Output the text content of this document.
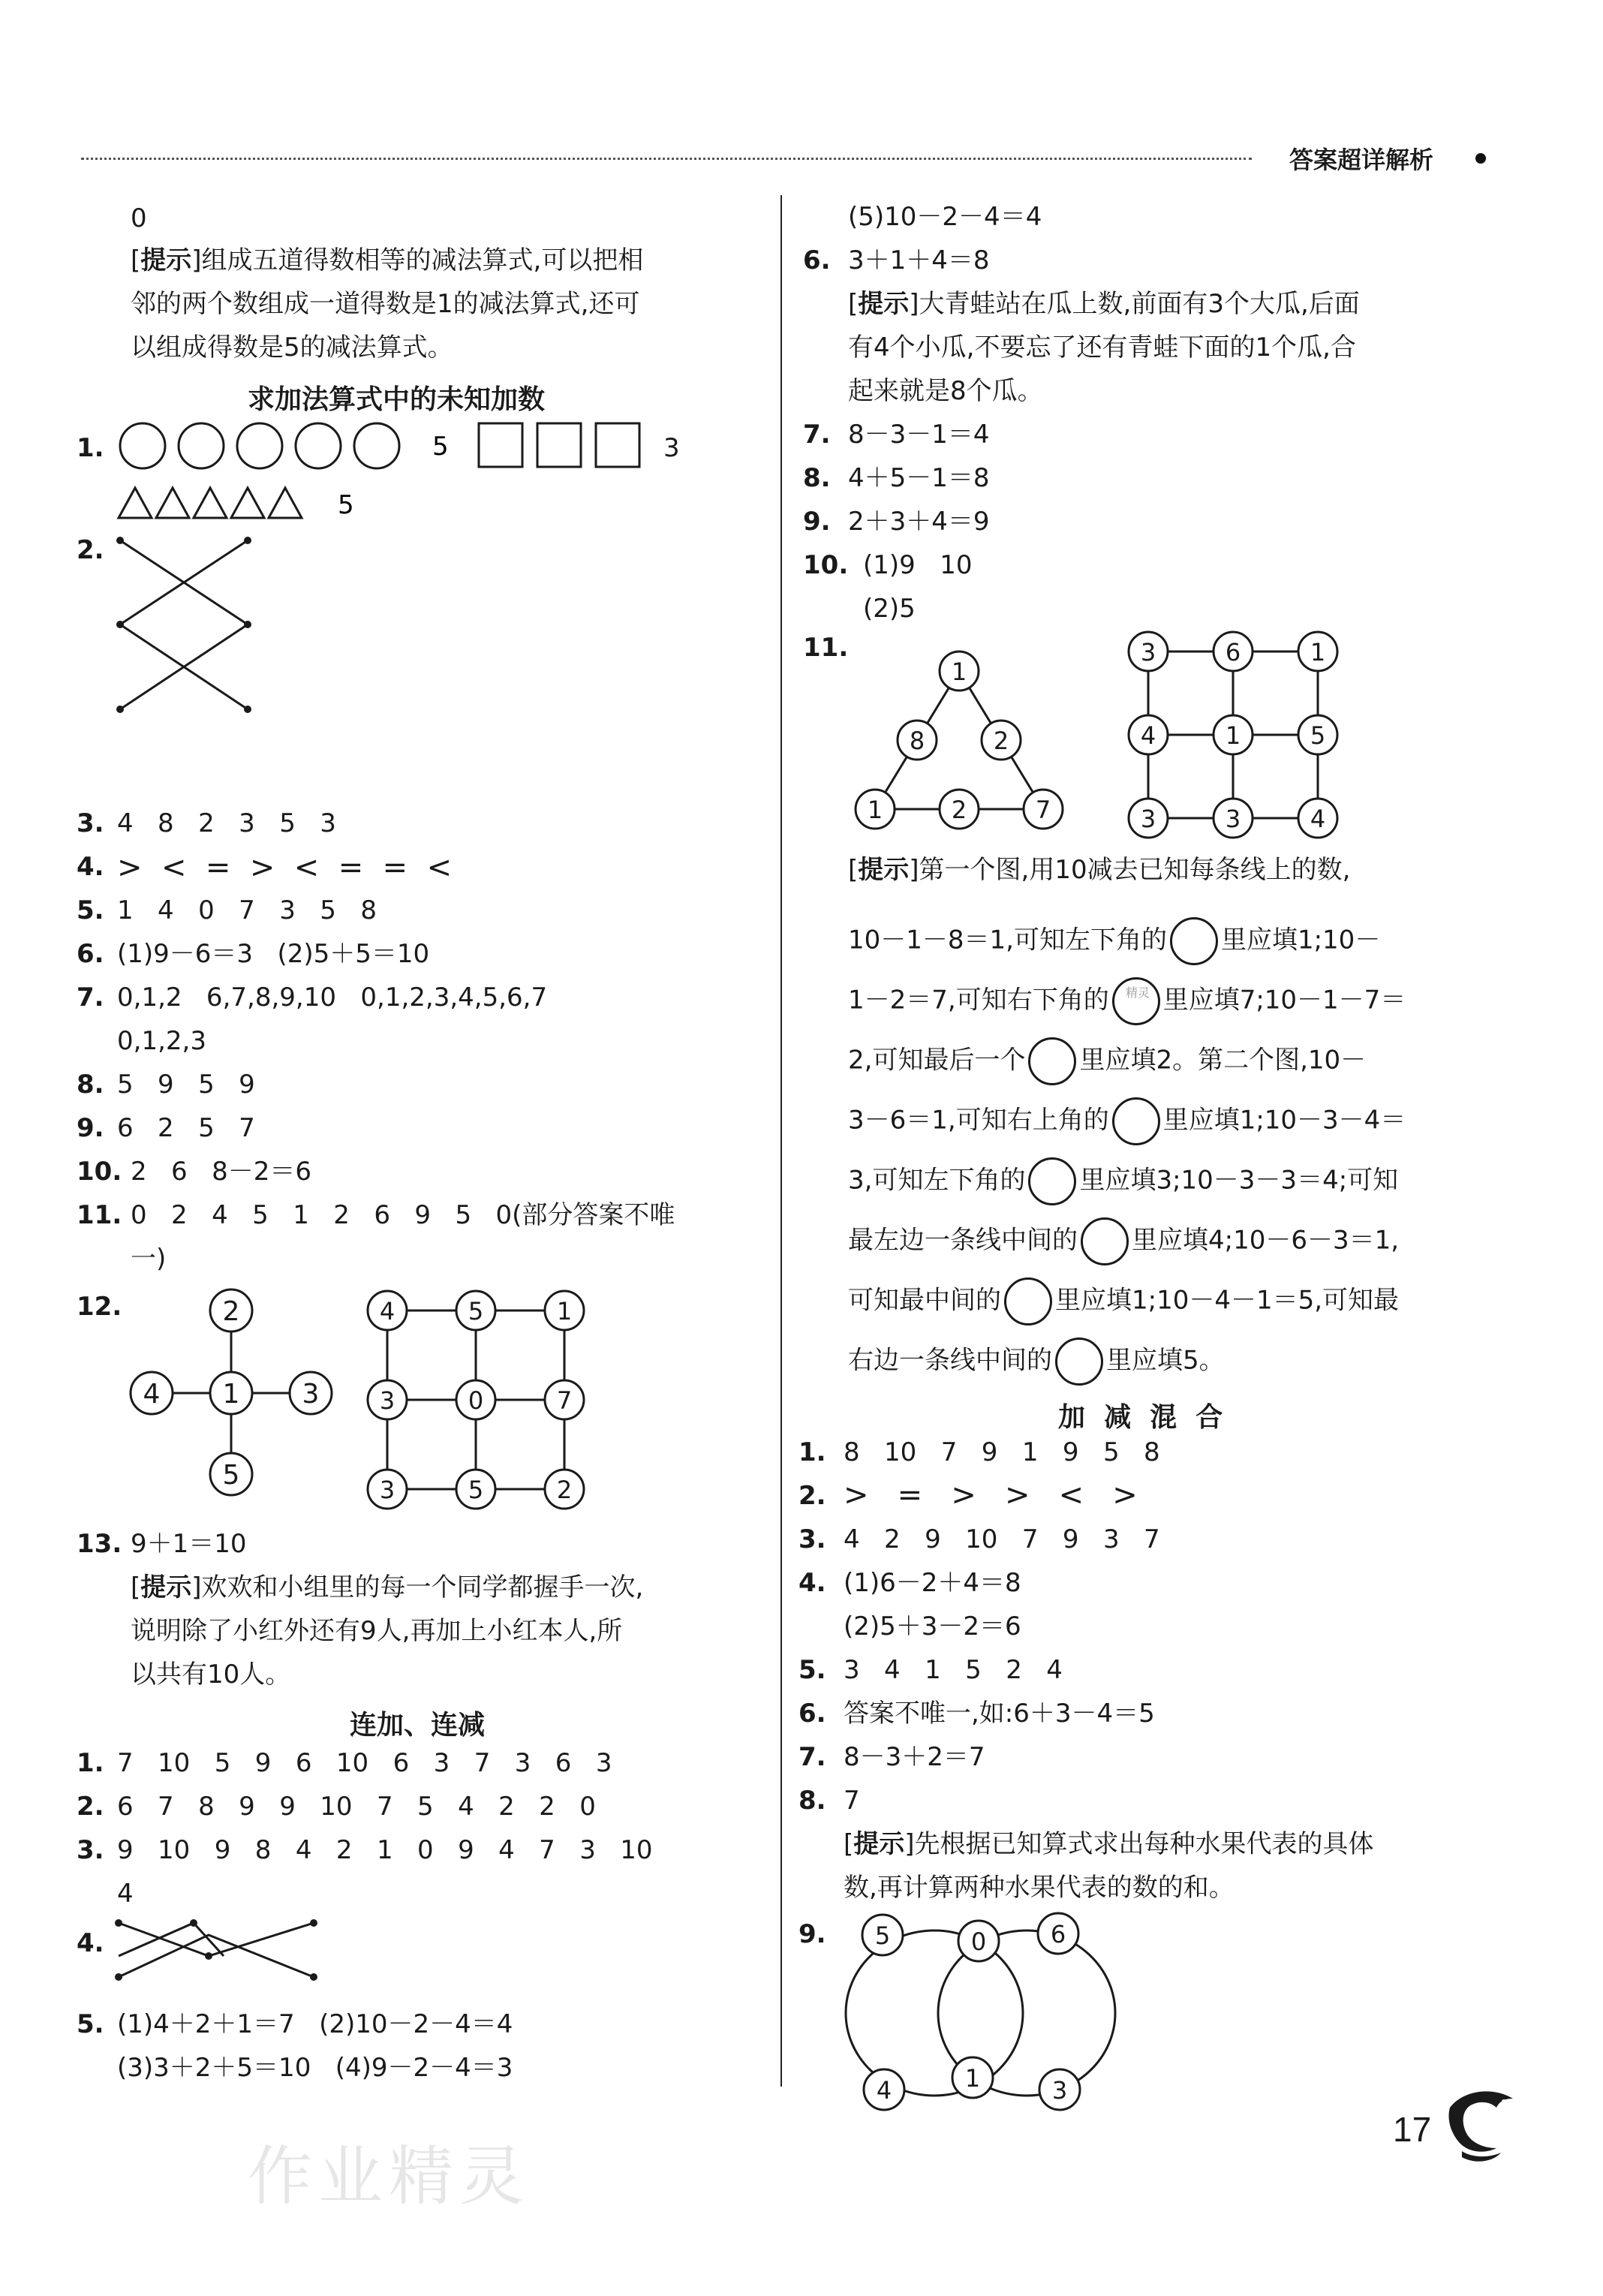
答案超详解析
0
[提示]组成五道得数相等的减法算式,可以把相
邻的两个数组成一道得数是1的减法算式,还可
以组成得数是5的减法算式。
求加法算式中的未知加数
1.	5	3
5
2.
3. 4   8   2   3   5   3
4. >  <  =  >  <  =  =  <
5. 1   4   0   7   3   5   8
6. (1)9－6＝3   (2)5＋5＝10
7. 0,1,2   6,7,8,9,10   0,1,2,3,4,5,6,7
0,1,2,3
8. 5   9   5   9
9. 6   2   5   7
10. 2   6   8－2＝6
11. 0   2   4   5   1   2   6   9   5   0(部分答案不唯
一)
12.	2
4 1 3
5
4	5	1
3	0	7
3	5	2
13. 9＋1＝10
[提示]欢欢和小组里的每一个同学都握手一次,
说明除了小红外还有9人,再加上小红本人,所
以共有10人。
连加、连减
1. 7   10   5   9   6   10   6   3   7   3   6   3
2. 6   7   8   9   9   10   7   5   4   2   2   0
3. 9   10   9   8   4   2   1   0   9   4   7   3   10
4
4.
5. (1)4＋2＋1＝7   (2)10－2－4＝4
(3)3＋2＋5＝10   (4)9－2－4＝3
作业精灵
(5)10－2－4＝4
6. 3＋1＋4＝8
[提示]大青蛙站在瓜上数,前面有3个大瓜,后面
有4个小瓜,不要忘了还有青蛙下面的1个瓜,合
起来就是8个瓜。
7. 8－3－1＝4
8. 4＋5－1＝8
9. 2＋3＋4＝9
10. (1)9   10
(2)5
11.
1
8	2
1	2	7
3	6	1
4	1	5
3	3	4
[提示]第一个图,用10减去已知每条线上的数,
10－1－8＝1,可知左下角的 里应填1;10－
1－2＝7,可知右下角的 里应填7;10－1－7＝
2,可知最后一个 里应填2。第二个图,10－
3－6＝1,可知右上角的 里应填1;10－3－4＝
3,可知左下角的 里应填3;10－3－3＝4;可知
最左边一条线中间的 里应填4;10－6－3＝1,
可知最中间的 里应填1;10－4－1＝5,可知最
右边一条线中间的 里应填5。
精灵
加  减  混  合
1. 8   10   7   9   1   9   5   8
2. >   =   >   >   <   >
3. 4   2   9   10   7   9   3   7
4. (1)6－2＋4＝8
(2)5＋3－2＝6
5. 3   4   1   5   2   4
6. 答案不唯一,如:6＋3－4＝5
7. 8－3＋2＝7
8. 7
[提示]先根据已知算式求出每种水果代表的具体
数,再计算两种水果代表的数的和。
9. 5	0	6
4	1	3
17
